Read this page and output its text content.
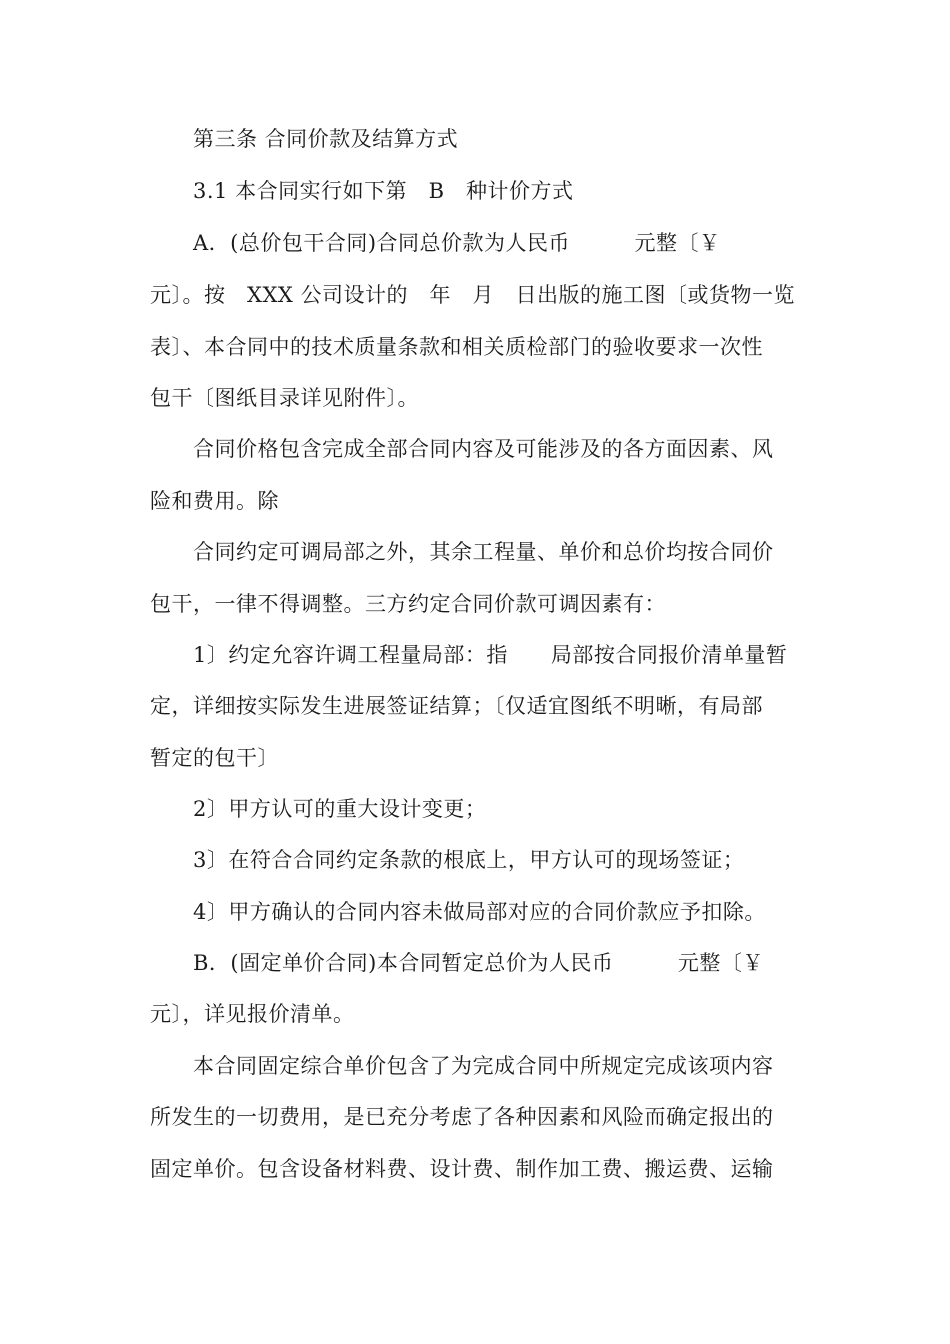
第三条 合同价款及结算方式
3.1 本合同实行如下第　B　种计价方式
A．(总价包干合同)合同总价款为人民币　　　元整〔￥
元〕。按　XXX 公司设计的　年　月　日出版的施工图〔或货物一览
表〕、本合同中的技术质量条款和相关质检部门的验收要求一次性
包干〔图纸目录详见附件〕。
合同价格包含完成全部合同内容及可能涉及的各方面因素、风
险和费用。除
合同约定可调局部之外，其余工程量、单价和总价均按合同价
包干，一律不得调整。三方约定合同价款可调因素有：
1〕约定允容许调工程量局部：指　　局部按合同报价清单量暂
定，详细按实际发生进展签证结算；〔仅适宜图纸不明晰，有局部
暂定的包干〕
2〕甲方认可的重大设计变更；
3〕在符合合同约定条款的根底上，甲方认可的现场签证；
4〕甲方确认的合同内容未做局部对应的合同价款应予扣除。
B．(固定单价合同)本合同暂定总价为人民币　　　元整〔￥
元〕，详见报价清单。
本合同固定综合单价包含了为完成合同中所规定完成该项内容
所发生的一切费用，是已充分考虑了各种因素和风险而确定报出的
固定单价。包含设备材料费、设计费、制作加工费、搬运费、运输
